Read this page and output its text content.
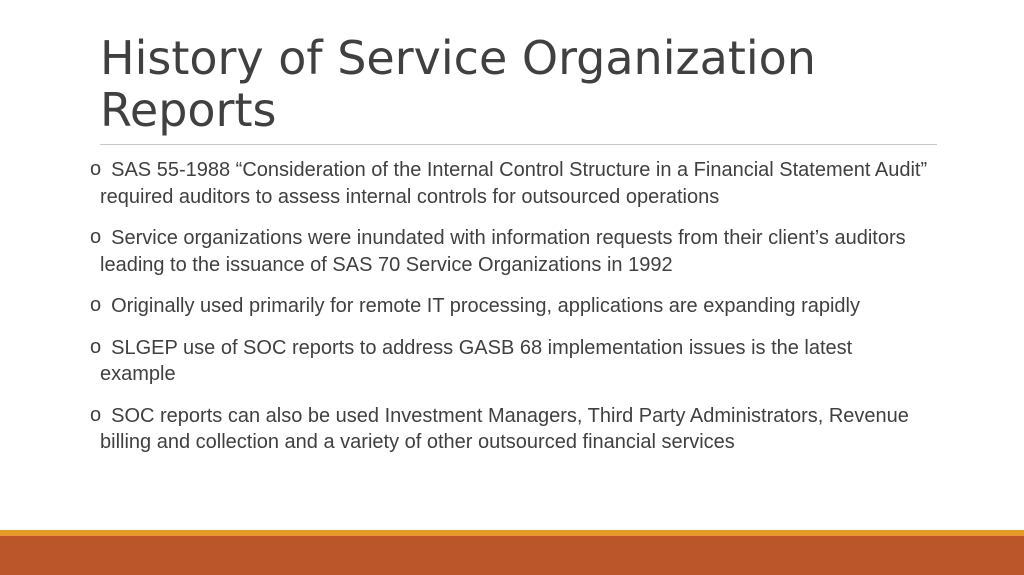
History of Service Organization Reports
o SAS 55-1988 “Consideration of the Internal Control Structure in a Financial Statement Audit” required auditors to assess internal controls for outsourced operations
o Service organizations were inundated with information requests from their client’s auditors leading to the issuance of SAS 70 Service Organizations in 1992
o Originally used primarily for remote IT processing, applications are expanding rapidly
o SLGEP use of SOC reports to address GASB 68 implementation issues is the latest example
o SOC reports can also be used Investment Managers, Third Party Administrators, Revenue billing and collection and a variety of other outsourced financial services
